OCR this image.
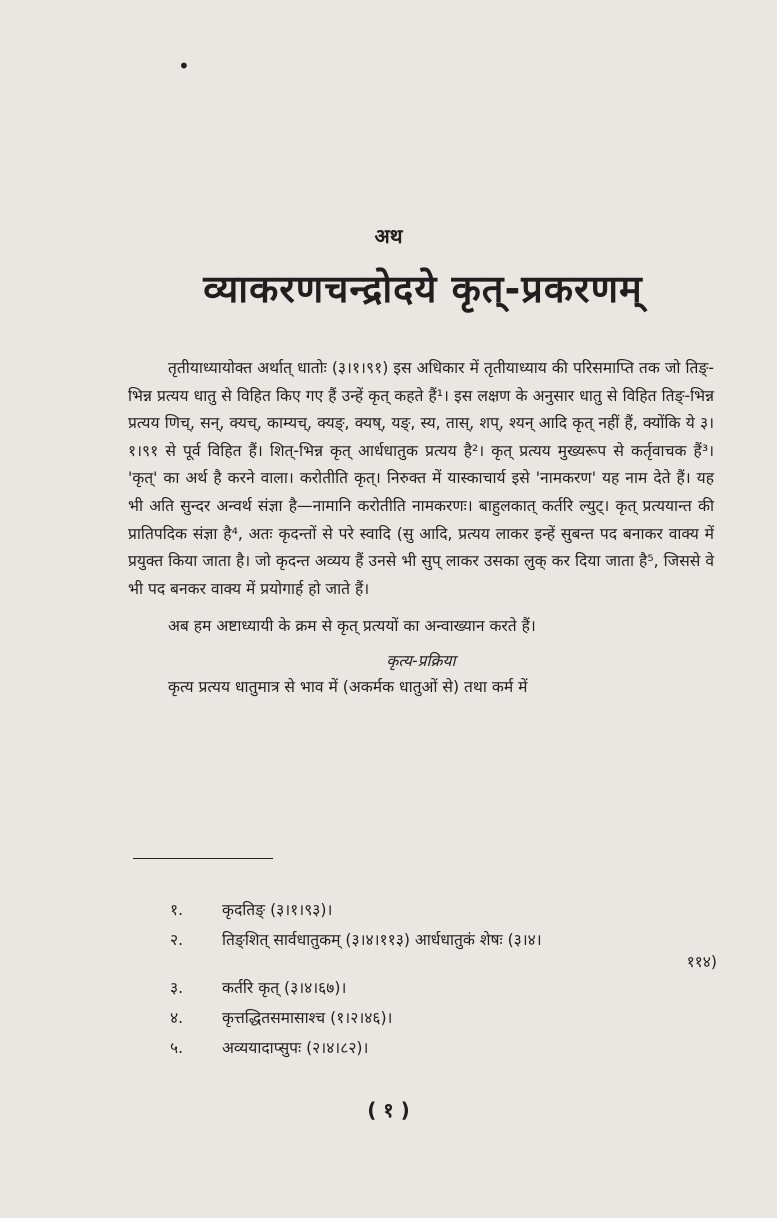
•
अथ
व्याकरणचन्द्रोदये कृत्-प्रकरणम्

तृतीयाध्यायोक्त अर्थात् धातोः (३।१।९१) इस अधिकार में तृतीयाध्याय की परिसमाप्ति तक जो तिङ्-भिन्न प्रत्यय धातु से विहित किए गए हैं उन्हें कृत् कहते हैं¹। इस लक्षण के अनुसार धातु से विहित तिङ्-भिन्न प्रत्यय णिच्, सन्, क्यच्, काम्यच्, क्यङ्, क्यष्, यङ्, स्य, तास्, शप्, श्यन् आदि कृत् नहीं हैं, क्योंकि ये ३।१।९१ से पूर्व विहित हैं। शित्-भिन्न कृत् आर्धधातुक प्रत्यय है²। कृत् प्रत्यय मुख्यरूप से कर्तृवाचक हैं³। 'कृत्' का अर्थ है करने वाला। करोतीति कृत्। निरुक्त में यास्काचार्य इसे 'नामकरण' यह नाम देते हैं। यह भी अति सुन्दर अन्वर्थ संज्ञा है—नामानि करोतीति नामकरणः। बाहुलकात् कर्तरि ल्युट्। कृत् प्रत्ययान्त की प्रातिपदिक संज्ञा है⁴, अतः कृदन्तों से परे स्वादि (सु आदि, प्रत्यय लाकर इन्हें सुबन्त पद बनाकर वाक्य में प्रयुक्त किया जाता है। जो कृदन्त अव्यय हैं उनसे भी सुप् लाकर उसका लुक् कर दिया जाता है⁵, जिससे वे भी पद बनकर वाक्य में प्रयोगार्ह हो जाते हैं।

अब हम अष्टाध्यायी के क्रम से कृत् प्रत्ययों का अन्वाख्यान करते हैं।

कृत्य-प्रक्रिया
कृत्य प्रत्यय धातुमात्र से भाव में (अकर्मक धातुओं से) तथा कर्म में
१.	कृदतिङ् (३।१।९३)।
२.	तिङ्शित् सार्वधातुकम् (३।४।११३) आर्धधातुकं शेषः (३।४।
११४)
३.	कर्तरि कृत् (३।४।६७)।
४.	कृत्तद्धितसमासाश्च (१।२।४६)।
५.	अव्ययादाप्सुपः (२।४।८२)।
( १ )
